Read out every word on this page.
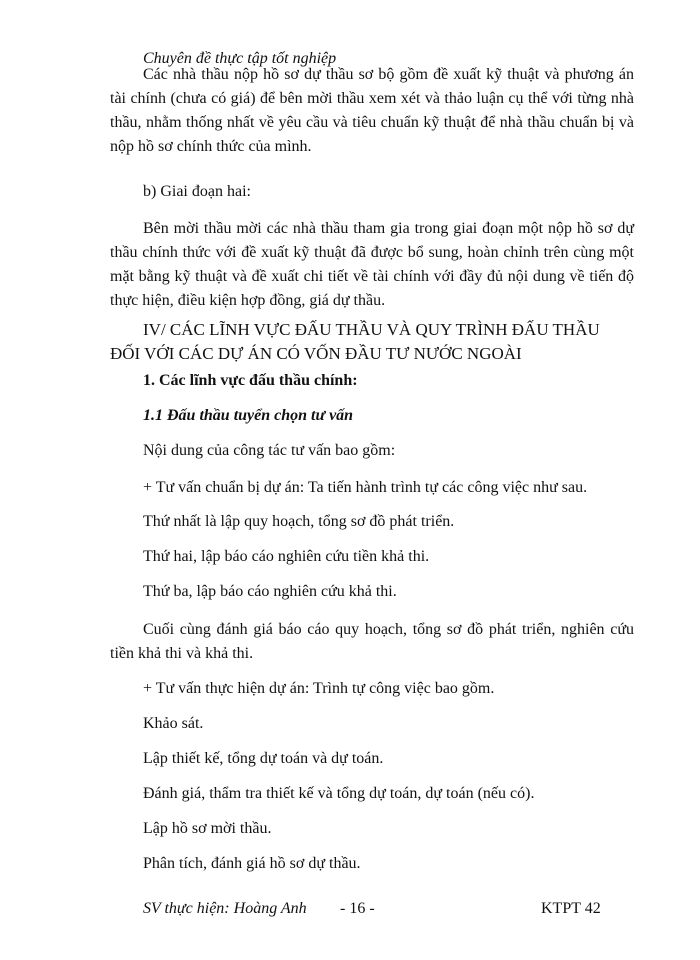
Chuyên đề thực tập tốt nghiệp
Các nhà thầu nộp hồ sơ dự thầu sơ bộ gồm đề xuất kỹ thuật và phương án tài chính (chưa có giá) để bên mời thầu xem xét và thảo luận cụ thể với từng nhà thầu, nhằm thống nhất về yêu cầu và tiêu chuẩn kỹ thuật để nhà thầu chuẩn bị và nộp hồ sơ chính thức của mình.
b) Giai đoạn hai:
Bên mời thầu mời các nhà thầu tham gia trong giai đoạn một nộp hồ sơ dự thầu chính thức với đề xuất kỹ thuật đã được bổ sung, hoàn chỉnh trên cùng một mặt bằng kỹ thuật và đề xuất chi tiết về tài chính với đầy đủ nội dung về tiến độ thực hiện, điều kiện hợp đồng, giá dự thầu.
IV/ CÁC LĨNH VỰC ĐẤU THẦU VÀ QUY TRÌNH ĐẤU THẦU ĐỐI VỚI CÁC DỰ ÁN CÓ VỐN ĐẦU TƯ NƯỚC NGOÀI
1. Các lĩnh vực đấu thầu chính:
1.1 Đấu thầu tuyển chọn tư vấn
Nội dung của công tác tư vấn bao gồm:
+ Tư vấn chuẩn bị dự án: Ta tiến hành trình tự các công việc như sau.
Thứ nhất là lập quy hoạch, tổng sơ đồ phát triển.
Thứ hai, lập báo cáo nghiên cứu tiền khả thi.
Thứ ba, lập báo cáo nghiên cứu khả thi.
Cuối cùng đánh giá báo cáo quy hoạch, tổng sơ đồ phát triển, nghiên cứu tiền khả thi và khả thi.
+ Tư vấn thực hiện dự án: Trình tự công việc bao gồm.
Khảo sát.
Lập thiết kế, tổng dự toán và dự toán.
Đánh giá, thẩm tra thiết kế và tổng dự toán, dự toán (nếu có).
Lập hồ sơ mời thầu.
Phân tích, đánh giá hồ sơ dự thầu.
SV thực hiện: Hoàng Anh - 16 -	KTPT 42
